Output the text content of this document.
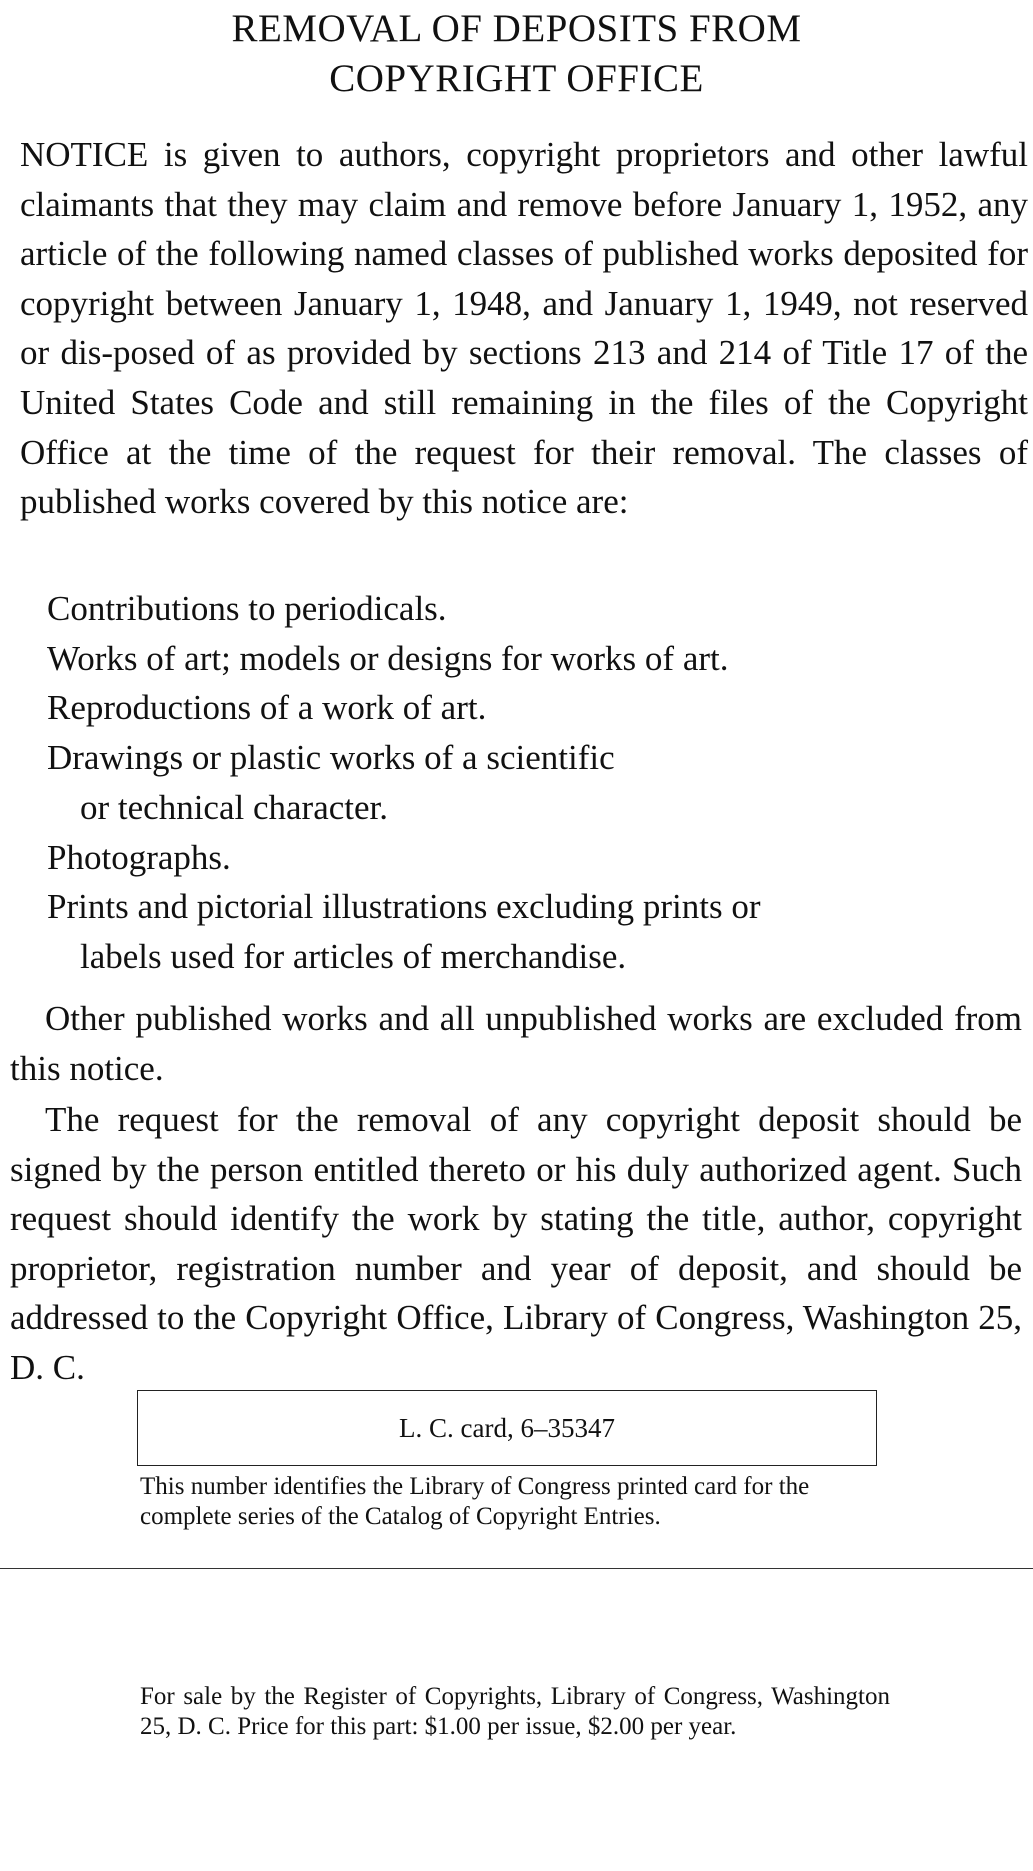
REMOVAL OF DEPOSITS FROM
COPYRIGHT OFFICE

NOTICE is given to authors, copyright proprietors and other lawful claimants that they may claim and remove before January 1, 1952, any article of the following named classes of published works deposited for copyright between January 1, 1948, and January 1, 1949, not reserved or dis-posed of as provided by sections 213 and 214 of Title 17 of the United States Code and still remaining in the files of the Copyright Office at the time of the request for their removal. The classes of published works covered by this notice are:

Contributions to periodicals.
Works of art; models or designs for works of art.
Reproductions of a work of art.
Drawings or plastic works of a scientific or technical character.
Photographs.
Prints and pictorial illustrations excluding prints or labels used for articles of merchandise.

Other published works and all unpublished works are excluded from this notice.

The request for the removal of any copyright deposit should be signed by the person entitled thereto or his duly authorized agent. Such request should identify the work by stating the title, author, copyright proprietor, registration number and year of deposit, and should be addressed to the Copyright Office, Library of Congress, Washington 25, D. C.

L. C. card, 6–35347

This number identifies the Library of Congress printed card for the complete series of the Catalog of Copyright Entries.

For sale by the Register of Copyrights, Library of Congress, Washington 25, D. C. Price for this part: $1.00 per issue, $2.00 per year.
